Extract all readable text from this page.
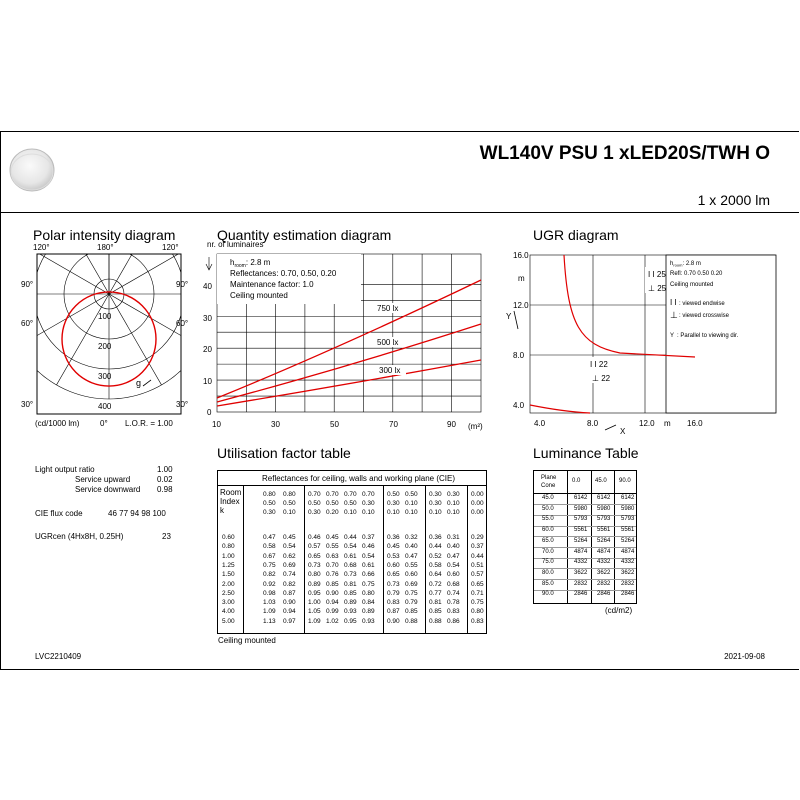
WL140V PSU 1 xLED20S/TWH O
1 x 2000 lm
Polar intensity diagram
120°	180°	120°
90°	90°
60°	60°
30°	30°
100
200
300
400
g
(cd/1000 lm)	0° L.O.R. = 1.00
Quantity estimation diagram
nr. of luminaires
$h_{room}$: 2.8 m
Reflectances: 0.70, 0.50, 0.20
Maintenance factor: 1.0
Ceiling mounted
750 lx
500 lx
300 lx
10	30	50	70	90
0
10
20
30
40
(m²)
UGR diagram
I I 25
⊥ 25
I I 22
⊥ 22
$h_{room}$: 2.8 m
Refl: 0.70 0.50 0.20
Ceiling mounted
I I : viewed endwise
⊥ : viewed crosswise
Y : Parallel to viewing dir.
16.0
12.0
8.0
4.0
4.0	8.0	12.0	16.0
Y
m
X
m
Utilisation factor table
Reflectances for ceiling, walls and working plane (CIE)
Room
Index
k
0.80 0.80 0.70 0.70 0.70 0.70 0.50 0.50 0.30 0.30 0.00
0.50 0.50 0.50 0.50 0.50 0.30 0.30 0.10 0.30 0.10 0.00
0.30 0.10 0.30 0.20 0.10 0.10 0.10 0.10 0.10 0.10 0.00
0.60	0.47 0.45 0.46 0.45 0.44 0.37 0.36 0.32 0.36 0.31 0.29
0.80	0.58 0.54 0.57 0.55 0.54 0.46 0.45 0.40 0.44 0.40 0.37
1.00	0.67 0.62 0.65 0.63 0.61 0.54 0.53 0.47 0.52 0.47 0.44
1.25	0.75 0.69 0.73 0.70 0.68 0.61 0.60 0.55 0.58 0.54 0.51
1.50	0.82 0.74 0.80 0.76 0.73 0.66 0.65 0.60 0.64 0.60 0.57
2.00	0.92 0.82 0.89 0.85 0.81 0.75 0.73 0.69 0.72 0.68 0.65
2.50	0.98 0.87 0.95 0.90 0.85 0.80 0.79 0.75 0.77 0.74 0.71
3.00	1.03 0.90 1.00 0.94 0.89 0.84 0.83 0.79 0.81 0.78 0.75
4.00	1.09 0.94 1.05 0.99 0.93 0.89 0.87 0.85 0.85 0.83 0.80
5.00	1.13 0.97 1.09 1.02 0.95 0.93 0.90 0.88 0.88 0.86 0.83
Ceiling mounted
Light output ratio	1.00
Service upward	0.02
Service downward 0.98
CIE flux code	46 77 94 98 100
UGRcen (4Hx8H, 0.25H)	23
Luminance Table
Plane
Cone
0.0 45.0 90.0
45.0	6142 6142 6142
50.0	5980 5980 5980
55.0	5793 5793 5793
60.0	5561 5561 5561
65.0	5264 5264 5264
70.0	4874 4874 4874
75.0	4332 4332 4332
80.0	3622 3622 3622
85.0	2832 2832 2832
90.0	2846 2846 2846
(cd/m2)
LVC2210409	2021-09-08
